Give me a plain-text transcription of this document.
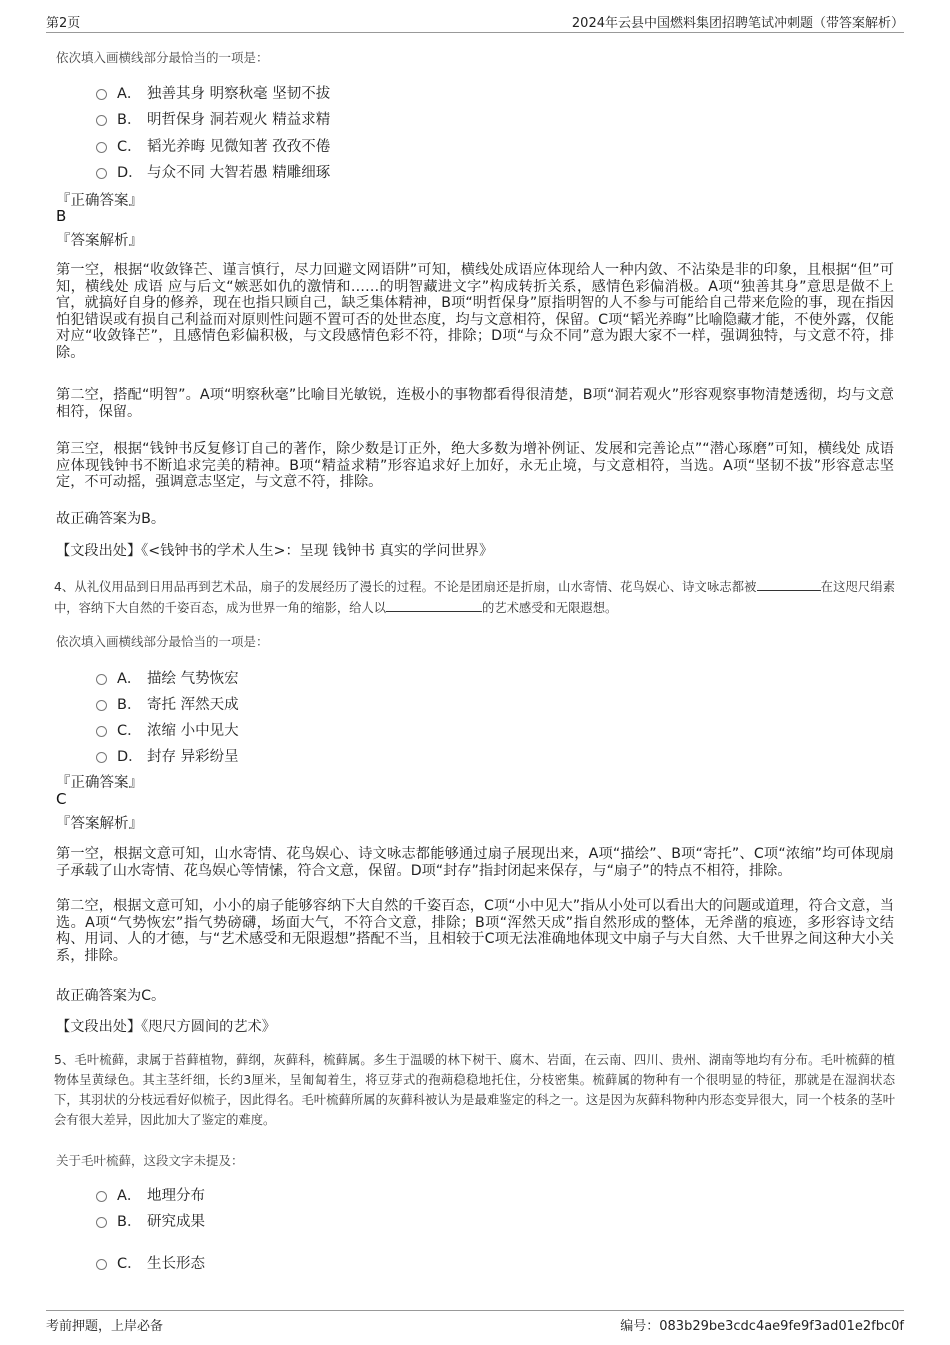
第2页	2024年云县中国燃料集团招聘笔试冲刺题（带答案解析）
依次填入画横线部分最恰当的一项是：
A． 独善其身 明察秋毫 坚韧不拔
B． 明哲保身 洞若观火 精益求精
C． 韬光养晦 见微知著 孜孜不倦
D． 与众不同 大智若愚 精雕细琢
『正确答案』
B
『答案解析』
第一空，根据“收敛锋芒、谨言慎行，尽力回避文网语阱”可知，横线处成语应体现给人一种内敛、不沾染是非的印象，且根据“但”可知，横线处 成语 应与后文“嫉恶如仇的激情和……的明智藏进文字”构成转折关系，感情色彩偏消极。A项“独善其身”意思是做不上官，就搞好自身的修养，现在也指只顾自己，缺乏集体精神，B项“明哲保身”原指明智的人不参与可能给自己带来危险的事，现在指因怕犯错误或有损自己利益而对原则性问题不置可否的处世态度，均与文意相符，保留。C项“韬光养晦”比喻隐藏才能，不使外露，仅能对应“收敛锋芒”，且感情色彩偏积极，与文段感情色彩不符，排除；D项“与众不同”意为跟大家不一样，强调独特，与文意不符，排除。
第二空，搭配“明智”。A项“明察秋毫”比喻目光敏锐，连极小的事物都看得很清楚，B项“洞若观火”形容观察事物清楚透彻，均与文意相符，保留。
第三空，根据“钱钟书反复修订自己的著作，除少数是订正外，绝大多数为增补例证、发展和完善论点”“潜心琢磨”可知，横线处 成语 应体现钱钟书不断追求完美的精神。B项“精益求精”形容追求好上加好，永无止境，与文意相符，当选。A项“坚韧不拔”形容意志坚定，不可动摇，强调意志坚定，与文意不符，排除。
故正确答案为B。
【文段出处】《<钱钟书的学术人生>：呈现 钱钟书 真实的学问世界》
4、从礼仪用品到日用品再到艺术品，扇子的发展经历了漫长的过程。不论是团扇还是折扇，山水寄情、花鸟娱心、诗文咏志都被	在这咫尺绢素中，容纳下大自然的千姿百态，成为世界一角的缩影，给人以	的艺术感受和无限遐想。
依次填入画横线部分最恰当的一项是：
A． 描绘 气势恢宏
B． 寄托 浑然天成
C． 浓缩 小中见大
D． 封存 异彩纷呈
『正确答案』
C
『答案解析』
第一空，根据文意可知，山水寄情、花鸟娱心、诗文咏志都能够通过扇子展现出来，A项“描绘”、B项“寄托”、C项“浓缩”均可体现扇子承载了山水寄情、花鸟娱心等情愫，符合文意，保留。D项“封存”指封闭起来保存，与“扇子”的特点不相符，排除。
第二空，根据文意可知，小小的扇子能够容纳下大自然的千姿百态，C项“小中见大”指从小处可以看出大的问题或道理，符合文意，当选。A项“气势恢宏”指气势磅礴，场面大气，不符合文意，排除；B项“浑然天成”指自然形成的整体，无斧凿的痕迹，多形容诗文结构、用词、人的才德，与“艺术感受和无限遐想”搭配不当，且相较于C项无法准确地体现文中扇子与大自然、大千世界之间这种大小关系，排除。
故正确答案为C。
【文段出处】《咫尺方圆间的艺术》
5、毛叶梳藓，隶属于苔藓植物，藓纲，灰藓科，梳藓属。多生于温暖的林下树干、腐木、岩面，在云南、四川、贵州、湖南等地均有分布。毛叶梳藓的植物体呈黄绿色。其主茎纤细，长约3厘米，呈匍匐着生，将豆芽式的孢蒴稳稳地托住，分枝密集。梳藓属的物种有一个很明显的特征，那就是在湿润状态下，其羽状的分枝远看好似梳子，因此得名。毛叶梳藓所属的灰藓科被认为是最难鉴定的科之一。这是因为灰藓科物种内形态变异很大，同一个枝条的茎叶会有很大差异，因此加大了鉴定的难度。
关于毛叶梳藓，这段文字未提及：
A． 地理分布
B． 研究成果
C． 生长形态
考前押题，上岸必备	编号：083b29be3cdc4ae9fe9f3ad01e2fbc0f
